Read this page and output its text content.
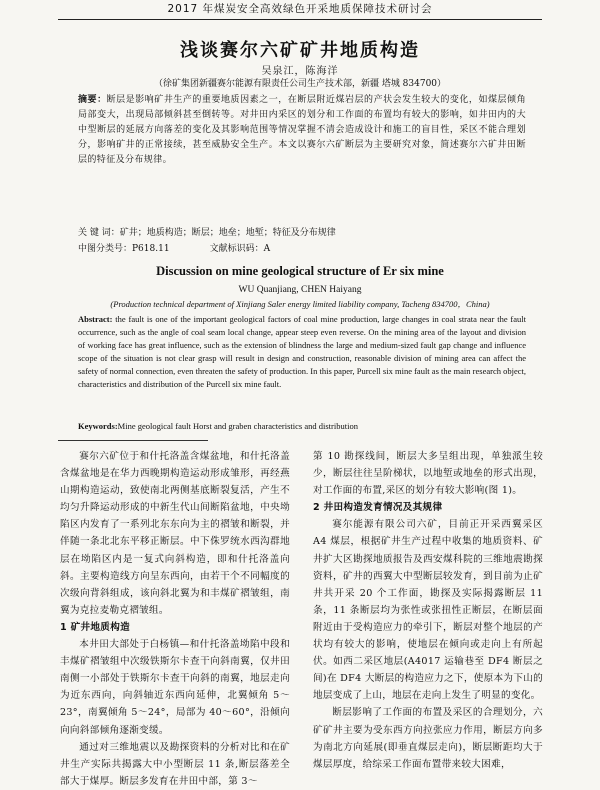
2017 年煤炭安全高效绿色开采地质保障技术研讨会
浅谈赛尔六矿矿井地质构造
吴泉江，陈海洋
（徐矿集团新疆赛尔能源有限责任公司生产技术部，新疆 塔城 834700）
摘要：断层是影响矿井生产的重要地质因素之一，在断层附近煤岩层的产状会发生较大的变化，如煤层倾角局部变大，出现局部倾斜甚至倒转等。对井田内采区的划分和工作面的布置均有较大的影响，如井田内的大中型断层的延展方向落差的变化及其影响范围等情况掌握不清会造成设计和施工的盲目性，采区不能合理划分，影响矿井的正常接续，甚至威胁安全生产。本文以赛尔六矿断层为主要研究对象，简述赛尔六矿井田断层的特征及分布规律。
关 键 词：矿井；地质构造；断层；地垒；地堑；特征及分布规律
中图分类号：P618.11	文献标识码：A
Discussion on mine geological structure of Er six mine
WU Quanjiang, CHEN Haiyang
(Production technical department of Xinjiang Saler energy limited liability company, Tacheng 834700，China)
Abstract: the fault is one of the important geological factors of coal mine production, large changes in coal strata near the fault occurrence, such as the angle of coal seam local change, appear steep even reverse. On the mining area of the layout and division of working face has great influence, such as the extension of blindness the large and medium-sized fault gap change and influence scope of the situation is not clear grasp will result in design and construction, reasonable division of mining area can affect the safety of normal connection, even threaten the safety of production. In this paper, Purcell six mine fault as the main research object, characteristics and distribution of the Purcell six mine fault.
Keywords:Mine geological fault Horst and graben characteristics and distribution

赛尔六矿位于和什托洛盖含煤盆地，和什托洛盖含煤盆地是在华力西晚期构造运动形成雏形，再经燕山期构造运动，致使南北两侧基底断裂复活，产生不均匀升降运动形成的中新生代山间断陷盆地，中央坳陷区内发育了一系列北东东向为主的褶皱和断裂，并伴随一条北北东平移正断层。中下侏罗统水西沟群地层在坳陷区内是一复式向斜构造，即和什托洛盖向斜。主要构造线方向呈东西向，由若干个不同幅度的次级向背斜组成，该向斜北翼为和丰煤矿褶皱组，南翼为克拉麦勒克褶皱组。

1 矿井地质构造

本井田大部处于白杨镇—和什托洛盖坳陷中段和丰煤矿褶皱组中次级铁斯尔卡查干向斜南翼，仅井田南侧一小部处于铁斯尔卡查干向斜的南翼，地层走向为近东西向，向斜轴近东西向延伸，北翼倾角 5～23°，南翼倾角 5～24°，局部为 40～60°，沿倾向向向斜部倾角逐渐变缓。

通过对三维地震以及勘探资料的分析对比和在矿井生产实际共揭露大中小型断层 11 条,断层落差全部大于煤厚。断层多发育在井田中部，第 3～

第 10 勘探线间，断层大多呈组出现，单独派生较少，断层往往呈阶梯状，以地堑或地垒的形式出现，对工作面的布置,采区的划分有较大影响(图 1)。

2 井田构造发育情况及其规律

赛尔能源有限公司六矿，目前正开采西翼采区 A4 煤层，根据矿井生产过程中收集的地质资料、矿井扩大区勘探地质报告及西安煤科院的三维地震勘探资料，矿井的西翼大中型断层较发育，到目前为止矿井共开采 20 个工作面，勘探及实际揭露断层 11 条，11 条断层均为张性或张扭性正断层，在断层面附近由于受构造应力的牵引下，断层对整个地层的产状均有较大的影响，使地层在倾向或走向上有所起伏。如西二采区地层(A4017 运输巷至 DF4 断层之间)在 DF4 大断层的构造应力之下，使原本为下山的地层变成了上山，地层在走向上发生了明显的变化。

断层影响了工作面的布置及采区的合理划分，六矿矿井主要为受东西方向拉张应力作用，断层方向多为南北方向延展(即垂直煤层走向)，断层断距均大于煤层厚度，给综采工作面布置带来较大困难，
